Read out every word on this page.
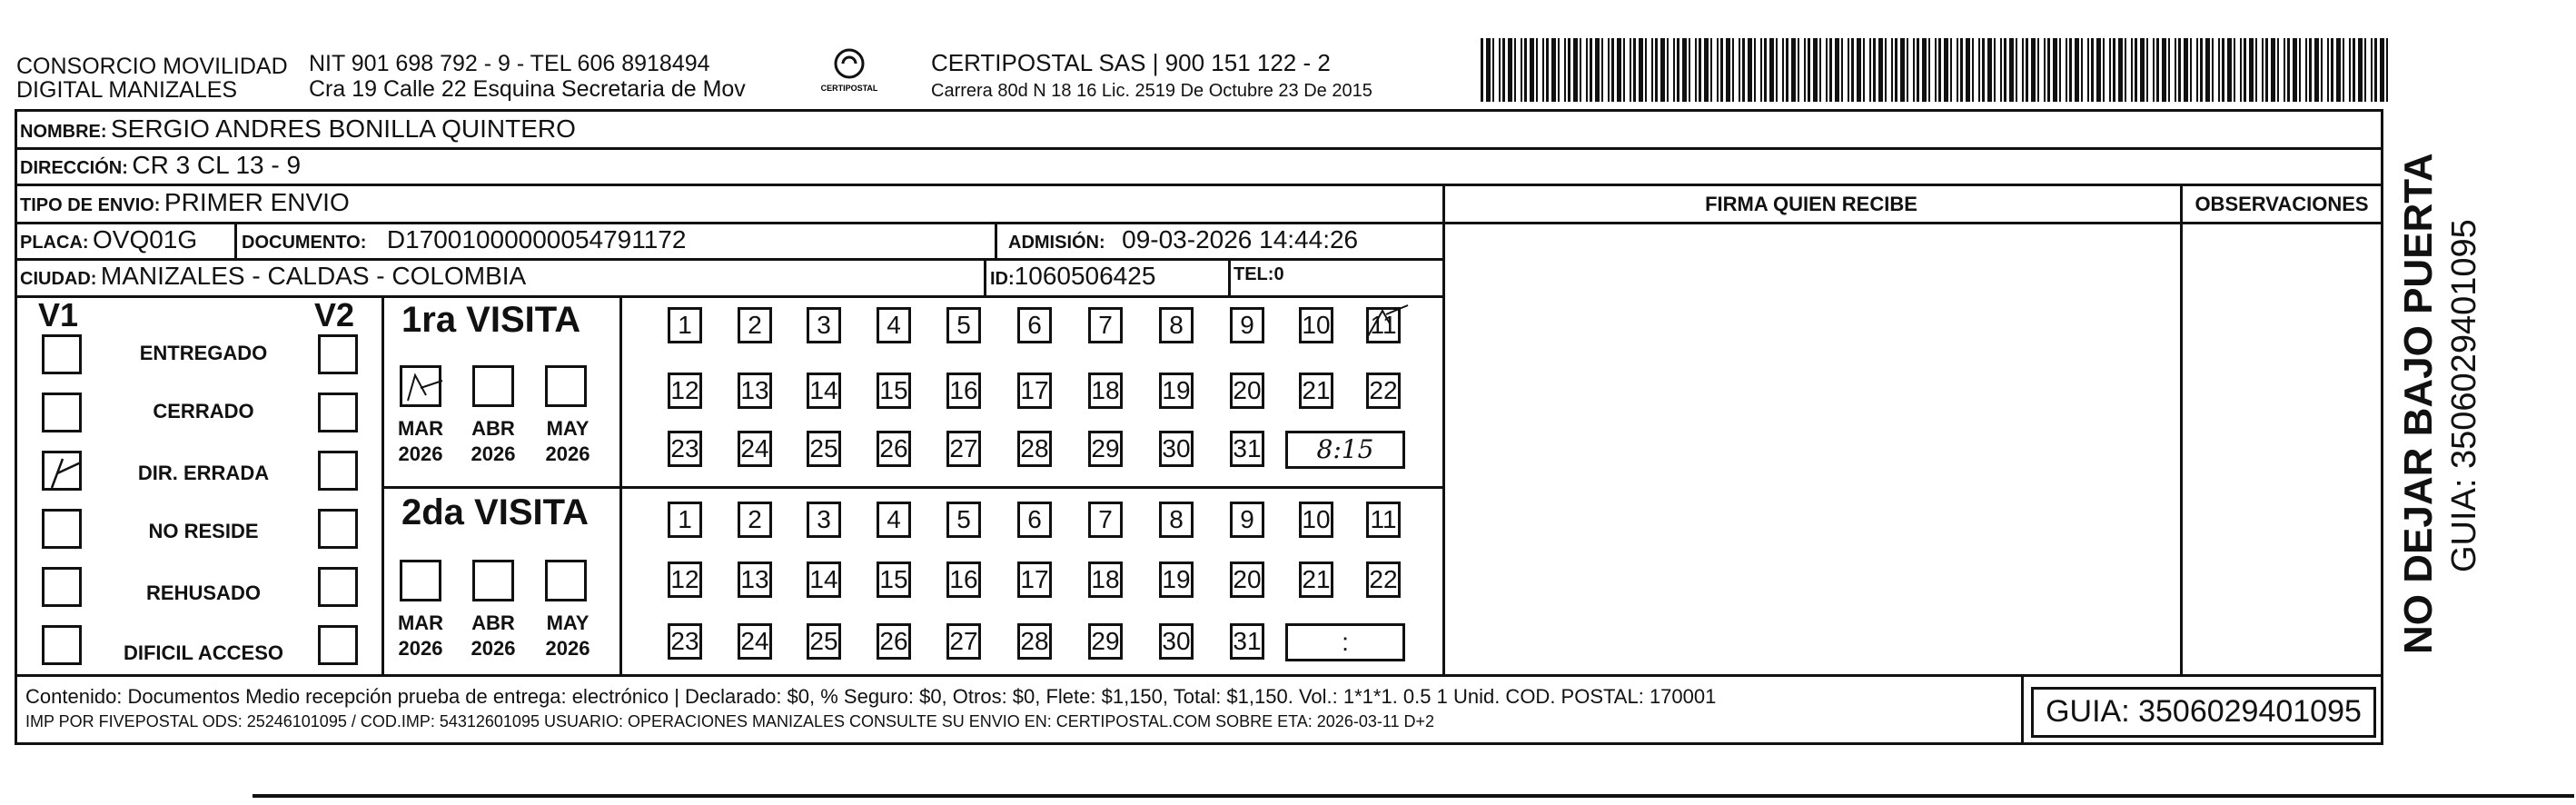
CONSORCIO MOVILIDAD
DIGITAL MANIZALES
NIT 901 698 792 - 9 - TEL 606 8918494
Cra 19 Calle 22 Esquina Secretaria de Mov	CERTIPOSTAL
CERTIPOSTAL SAS | 900 151 122 - 2
Carrera 80d N 18 16 Lic. 2519 De Octubre 23 De 2015
NOMBRE: SERGIO ANDRES BONILLA QUINTERO
DIRECCIÓN: CR 3 CL 13 - 9
TIPO DE ENVIO: PRIMER ENVIO
PLACA: OVQ01G DOCUMENTO: D17001000000054791172	ADMISIÓN: 09-03-2026 14:44:26
CIUDAD: MANIZALES - CALDAS - COLOMBIA	ID:1060506425	TEL:0
FIRMA QUIEN RECIBE	OBSERVACIONES
V1	V2
ENTREGADO
CERRADO
DIR. ERRADA
NO RESIDE
REHUSADO
DIFICIL ACCESO
1ra VISITA
MAR
2026
ABR
2026
MAY
2026
1	2	3	4	5	6	7	8	9	10 11
12 13 14 15 16 17 18 19 20 21 22
23 24 25 26 27 28 29 30 31	8:15
2da VISITA
MAR
2026
ABR
2026
MAY
2026
1	2	3	4	5	6	7	8	9	10 11
12 13 14 15 16 17 18 19 20 21 22
23 24 25 26 27 28 29 30 31	:
Contenido: Documentos Medio recepción prueba de entrega: electrónico | Declarado: $0, % Seguro: $0, Otros: $0, Flete: $1,150, Total: $1,150. Vol.: 1*1*1. 0.5 1 Unid. COD. POSTAL: 170001
IMP POR FIVEPOSTAL ODS: 25246101095 / COD.IMP: 54312601095 USUARIO: OPERACIONES MANIZALES CONSULTE SU ENVIO EN: CERTIPOSTAL.COM SOBRE ETA: 2026-03-11 D+2	GUIA: 3506029401095
NO DEJAR BAJO PUERTA GUIA: 3506029401095
